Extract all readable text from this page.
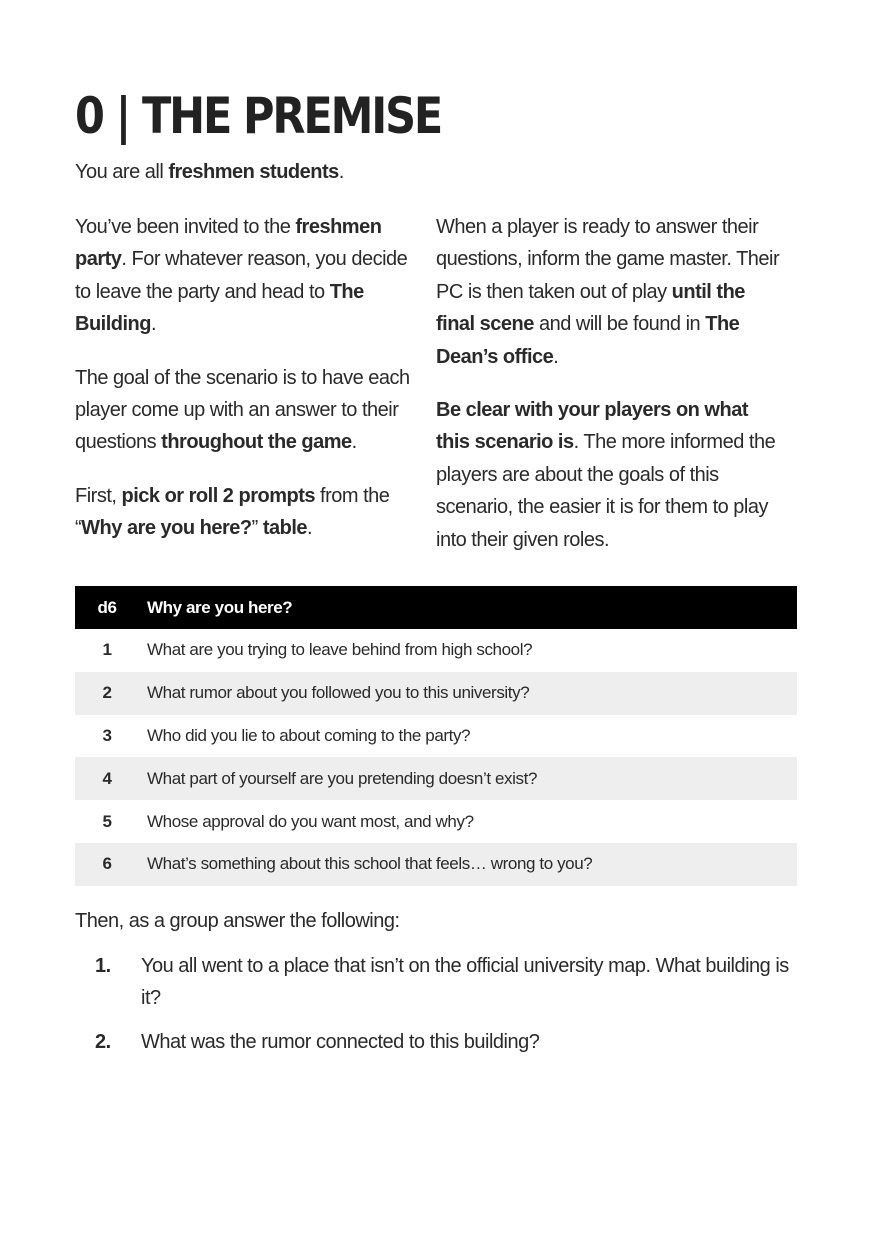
0 | THE PREMISE

You are all freshmen students.

You’ve been invited to the freshmen party. For whatever reason, you decide to leave the party and head to The Building.

The goal of the scenario is to have each player come up with an answer to their questions throughout the game.

First, pick or roll 2 prompts from the “Why are you here?” table.

When a player is ready to answer their questions, inform the game master. Their PC is then taken out of play until the final scene and will be found in The Dean’s office.

Be clear with your players on what this scenario is. The more informed the players are about the goals of this scenario, the easier it is for them to play into their given roles.

d6	Why are you here?
1	What are you trying to leave behind from high school?
2	What rumor about you followed you to this university?
3	Who did you lie to about coming to the party?
4	What part of yourself are you pretending doesn’t exist?
5	Whose approval do you want most, and why?
6	What’s something about this school that feels… wrong to you?

Then, as a group answer the following:

1.	You all went to a place that isn’t on the official university map. What building is it?
2.	What was the rumor connected to this building?
